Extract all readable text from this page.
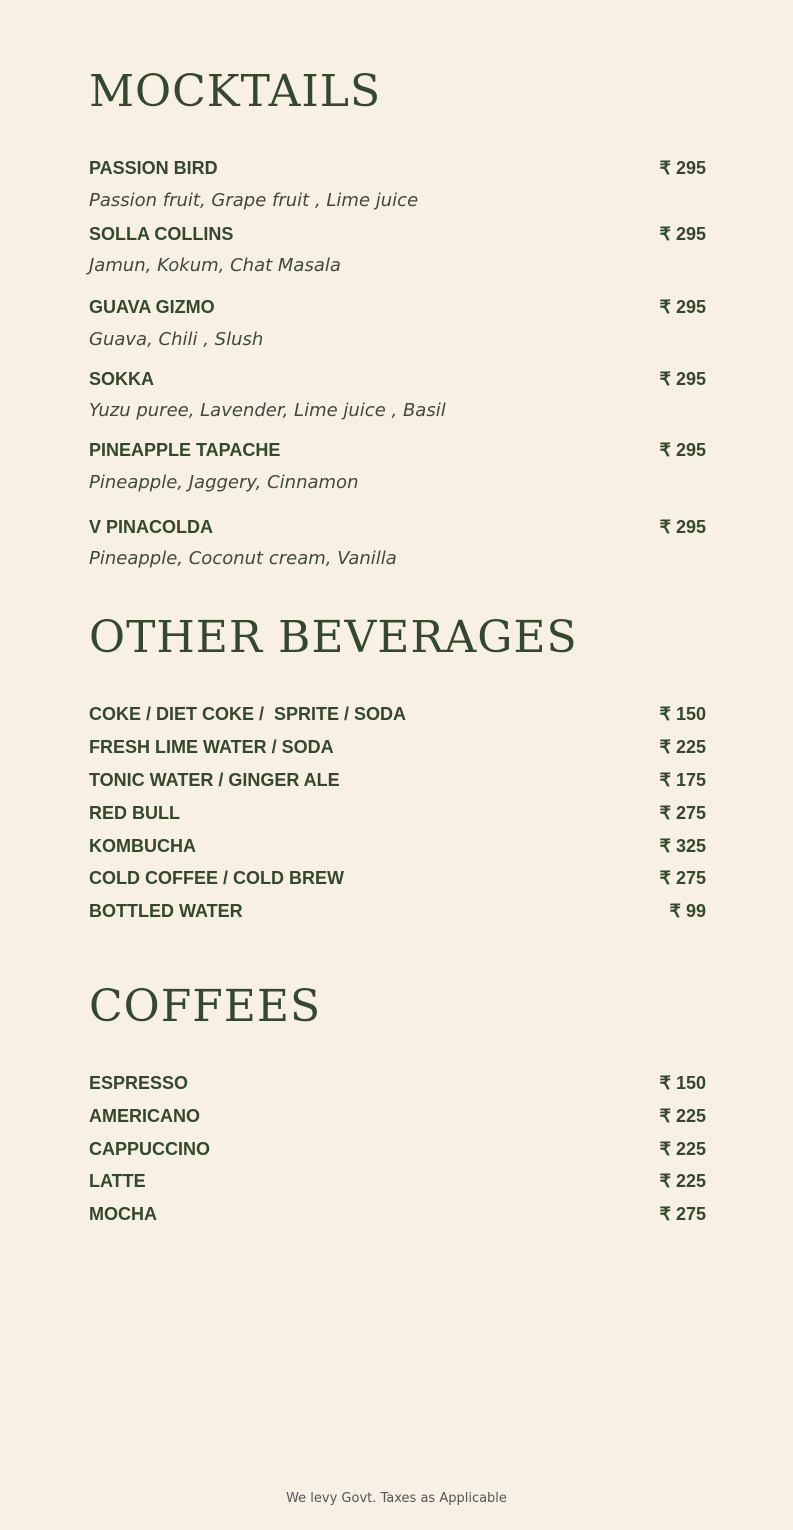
MOCKTAILS
PASSION BIRD	₹ 295
Passion fruit, Grape fruit , Lime juice
SOLLA COLLINS	₹ 295
Jamun, Kokum, Chat Masala
GUAVA GIZMO	₹ 295
Guava, Chili , Slush
SOKKA	₹ 295
Yuzu puree, Lavender, Lime juice , Basil
PINEAPPLE TAPACHE	₹ 295
Pineapple, Jaggery, Cinnamon
V PINACOLDA	₹ 295
Pineapple, Coconut cream, Vanilla
OTHER BEVERAGES
COKE / DIET COKE /  SPRITE / SODA	₹ 150
FRESH LIME WATER / SODA	₹ 225
TONIC WATER / GINGER ALE	₹ 175
RED BULL	₹ 275
KOMBUCHA	₹ 325
COLD COFFEE / COLD BREW	₹ 275
BOTTLED WATER	₹ 99
COFFEES
ESPRESSO	₹ 150
AMERICANO	₹ 225
CAPPUCCINO	₹ 225
LATTE	₹ 225
MOCHA	₹ 275
We levy Govt. Taxes as Applicable
